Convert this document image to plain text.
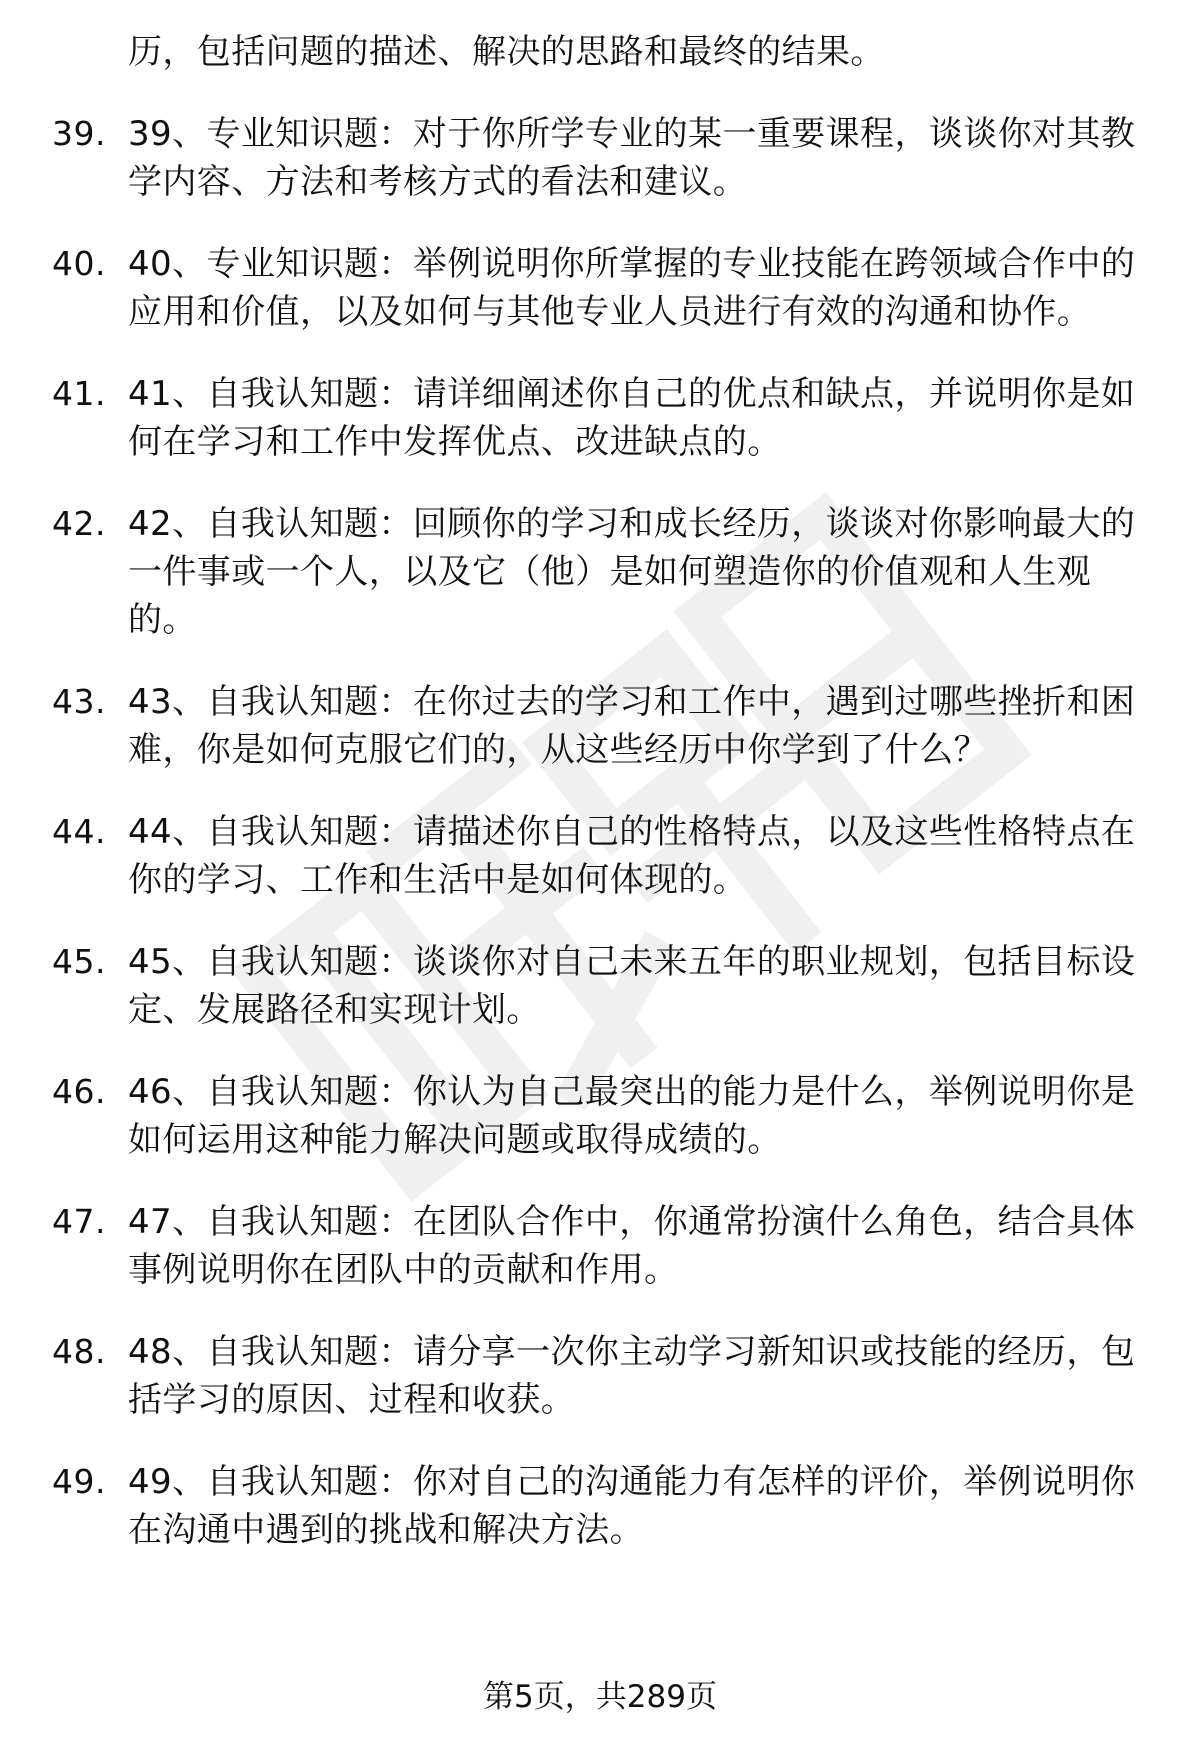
历，包括问题的描述、解决的思路和最终的结果。
39. 39、专业知识题：对于你所学专业的某一重要课程，谈谈你对其教学内容、方法和考核方式的看法和建议。
40. 40、专业知识题：举例说明你所掌握的专业技能在跨领域合作中的应用和价值，以及如何与其他专业人员进行有效的沟通和协作。
41. 41、自我认知题：请详细阐述你自己的优点和缺点，并说明你是如何在学习和工作中发挥优点、改进缺点的。
42. 42、自我认知题：回顾你的学习和成长经历，谈谈对你影响最大的一件事或一个人，以及它（他）是如何塑造你的价值观和人生观的。
43. 43、自我认知题：在你过去的学习和工作中，遇到过哪些挫折和困难，你是如何克服它们的，从这些经历中你学到了什么？
44. 44、自我认知题：请描述你自己的性格特点，以及这些性格特点在你的学习、工作和生活中是如何体现的。
45. 45、自我认知题：谈谈你对自己未来五年的职业规划，包括目标设定、发展路径和实现计划。
46. 46、自我认知题：你认为自己最突出的能力是什么，举例说明你是如何运用这种能力解决问题或取得成绩的。
47. 47、自我认知题：在团队合作中，你通常扮演什么角色，结合具体事例说明你在团队中的贡献和作用。
48. 48、自我认知题：请分享一次你主动学习新知识或技能的经历，包括学习的原因、过程和收获。
49. 49、自我认知题：你对自己的沟通能力有怎样的评价，举例说明你在沟通中遇到的挑战和解决方法。
第5页，共289页
